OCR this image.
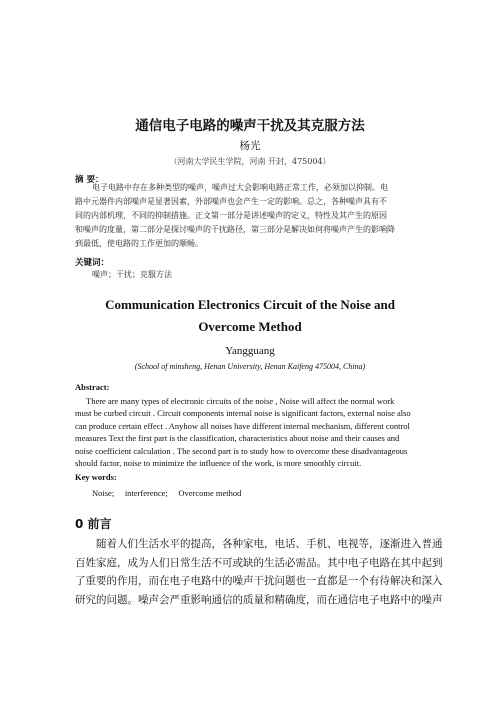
通信电子电路的噪声干扰及其克服方法
杨光
（河南大学民生学院，河南 开封，475004）
摘 要：
电子电路中存在多种类型的噪声，噪声过大会影响电路正常工作，必须加以抑制。电
路中元器件内部噪声是显著因素，外部噪声也会产生一定的影响。总之，各种噪声具有不
同的内部机理，不同的抑制措施。正文第一部分是讲述噪声的定义，特性及其产生的原因
和噪声的度量，第二部分是探讨噪声的干扰路径，第三部分是解决如何将噪声产生的影响降
到最低，使电路的工作更加的顺畅。
关键词：
噪声；干扰；克服方法
Communication Electronics Circuit of the Noise and
Overcome Method
Yangguang
(School of minsheng, Henan University, Henan Kaifeng 475004, China)
Abstract:
There are many types of electronic circuits of the noise , Noise will affect the normal work
must be curbed circuit . Circuit components internal noise is significant factors, external noise also
can produce certain effect . Anyhow all noises have different internal mechanism, different control
measures Text the first part is the classification, characteristics about noise and their causes and
noise coefficient calculation . The second part is to study how to overcome these disadvantageous
should factor, noise to minimize the influence of the work, is more smoothly circuit.
Key words:
Noise;     interference;     Overcome method
0 前言
随着人们生活水平的提高，各种家电，电话、手机、电视等，逐渐进入普通
百姓家庭，成为人们日常生活不可或缺的生活必需品。其中电子电路在其中起到
了重要的作用，而在电子电路中的噪声干扰问题也一直都是一个有待解决和深入
研究的问题。噪声会严重影响通信的质量和精确度，而在通信电子电路中的噪声
